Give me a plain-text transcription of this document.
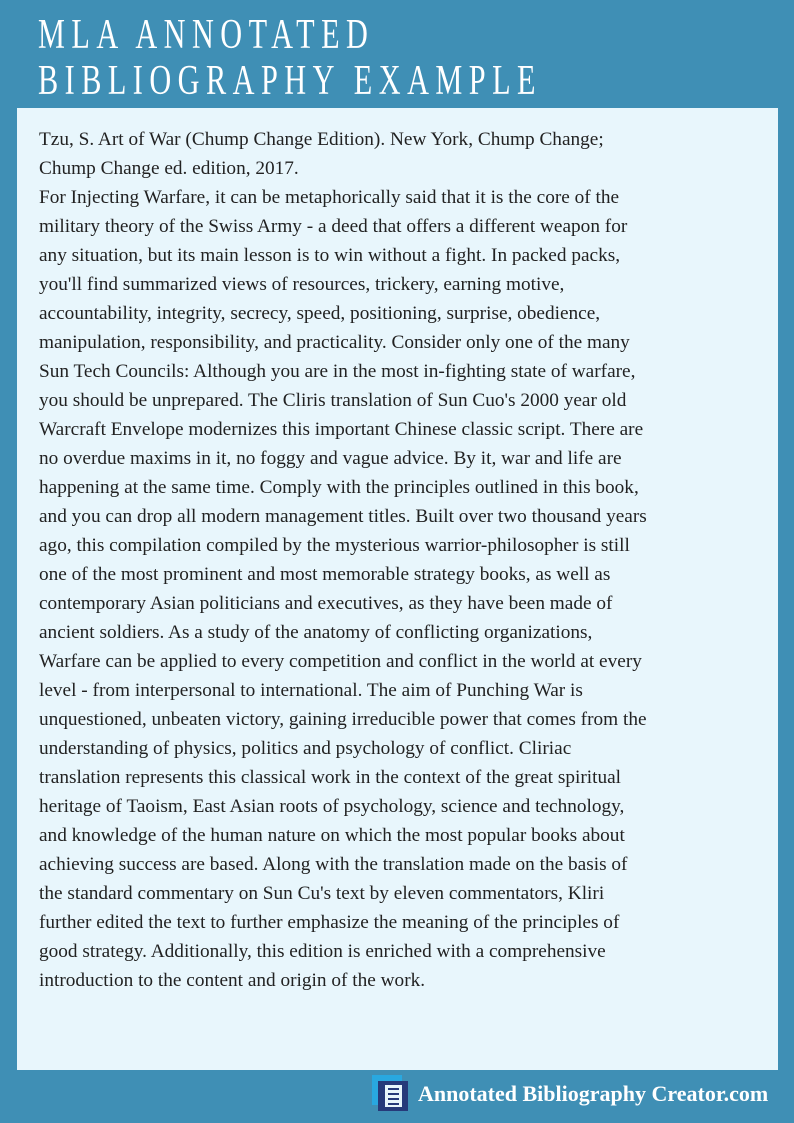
MLA ANNOTATED
BIBLIOGRAPHY EXAMPLE
Tzu, S. Art of War (Chump Change Edition). New York, Chump Change;
Chump Change ed. edition, 2017.
For Injecting Warfare, it can be metaphorically said that it is the core of the
military theory of the Swiss Army - a deed that offers a different weapon for
any situation, but its main lesson is to win without a fight. In packed packs,
you'll find summarized views of resources, trickery, earning motive,
accountability, integrity, secrecy, speed, positioning, surprise, obedience,
manipulation, responsibility, and practicality. Consider only one of the many
Sun Tech Councils: Although you are in the most in-fighting state of warfare,
you should be unprepared. The Cliris translation of Sun Cuo's 2000 year old
Warcraft Envelope modernizes this important Chinese classic script. There are
no overdue maxims in it, no foggy and vague advice. By it, war and life are
happening at the same time. Comply with the principles outlined in this book,
and you can drop all modern management titles. Built over two thousand years
ago, this compilation compiled by the mysterious warrior-philosopher is still
one of the most prominent and most memorable strategy books, as well as
contemporary Asian politicians and executives, as they have been made of
ancient soldiers. As a study of the anatomy of conflicting organizations,
Warfare can be applied to every competition and conflict in the world at every
level - from interpersonal to international. The aim of Punching War is
unquestioned, unbeaten victory, gaining irreducible power that comes from the
understanding of physics, politics and psychology of conflict. Cliriac
translation represents this classical work in the context of the great spiritual
heritage of Taoism, East Asian roots of psychology, science and technology,
and knowledge of the human nature on which the most popular books about
achieving success are based. Along with the translation made on the basis of
the standard commentary on Sun Cu's text by eleven commentators, Kliri
further edited the text to further emphasize the meaning of the principles of
good strategy. Additionally, this edition is enriched with a comprehensive
introduction to the content and origin of the work.
Annotated Bibliography Creator.com
